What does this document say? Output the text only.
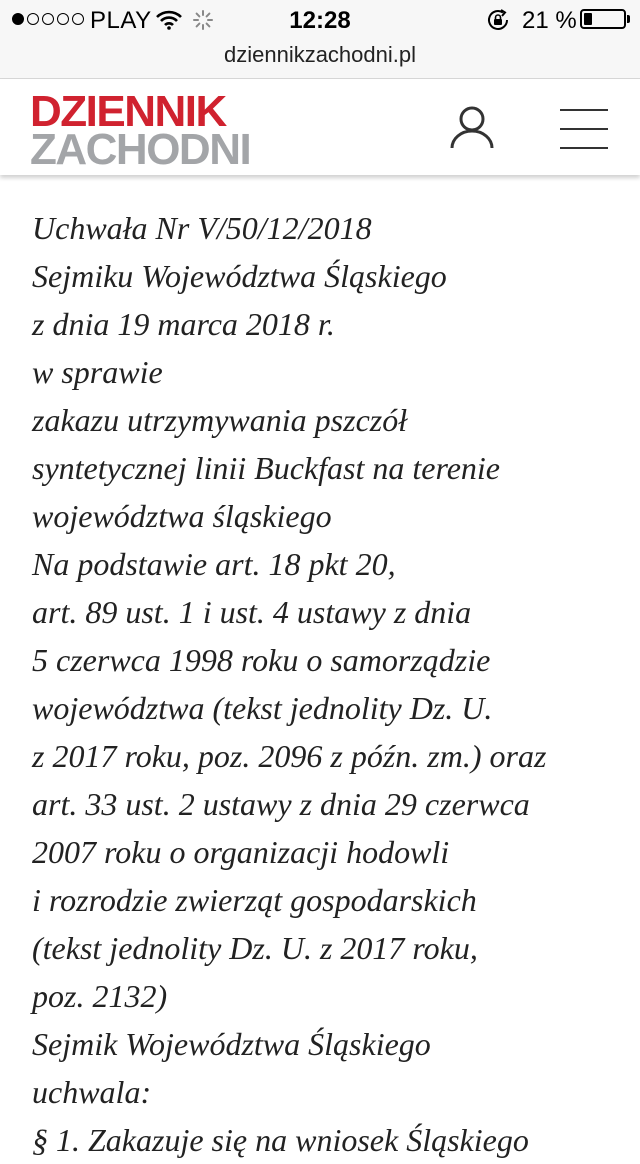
PLAY	12:28	21 %
dziennikzachodni.pl
DZIENNIK
ZACHODNI
Uchwała Nr V/50/12/2018
Sejmiku Województwa Śląskiego
z dnia 19 marca 2018 r.
w sprawie
zakazu utrzymywania pszczół
syntetycznej linii Buckfast na terenie
województwa śląskiego
Na podstawie art. 18 pkt 20,
art. 89 ust. 1 i ust. 4 ustawy z dnia
5 czerwca 1998 roku o samorządzie
województwa (tekst jednolity Dz. U.
z 2017 roku, poz. 2096 z późn. zm.) oraz
art. 33 ust. 2 ustawy z dnia 29 czerwca
2007 roku o organizacji hodowli
i rozrodzie zwierząt gospodarskich
(tekst jednolity Dz. U. z 2017 roku,
poz. 2132)
Sejmik Województwa Śląskiego
uchwala:
§ 1. Zakazuje się na wniosek Śląskiego
